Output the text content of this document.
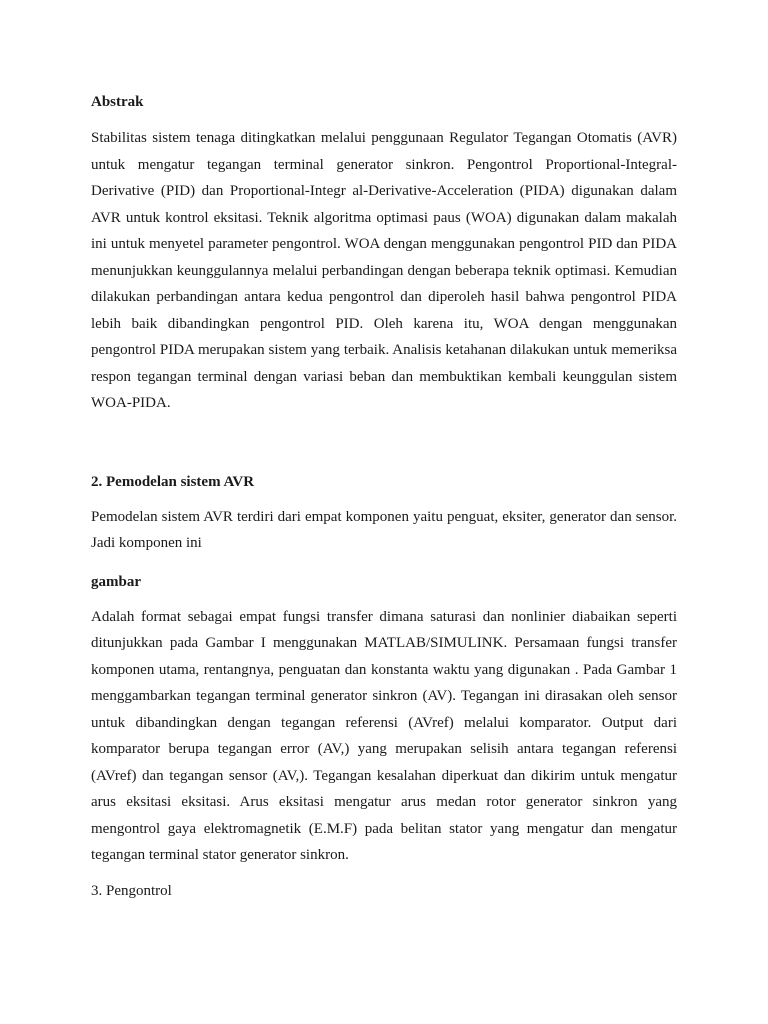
Abstrak

Stabilitas sistem tenaga ditingkatkan melalui penggunaan Regulator Tegangan Otomatis (AVR) untuk mengatur tegangan terminal generator sinkron. Pengontrol Proportional-Integral-Derivative (PID) dan Proportional-Integr al-Derivative-Acceleration (PIDA) digunakan dalam AVR untuk kontrol eksitasi. Teknik algoritma optimasi paus (WOA) digunakan dalam makalah ini untuk menyetel parameter pengontrol. WOA dengan menggunakan pengontrol PID dan PIDA menunjukkan keunggulannya melalui perbandingan dengan beberapa teknik optimasi. Kemudian dilakukan perbandingan antara kedua pengontrol dan diperoleh hasil bahwa pengontrol PIDA lebih baik dibandingkan pengontrol PID. Oleh karena itu, WOA dengan menggunakan pengontrol PIDA merupakan sistem yang terbaik. Analisis ketahanan dilakukan untuk memeriksa respon tegangan terminal dengan variasi beban dan membuktikan kembali keunggulan sistem WOA-PIDA.

2. Pemodelan sistem AVR

Pemodelan sistem AVR terdiri dari empat komponen yaitu penguat, eksiter, generator dan sensor. Jadi komponen ini

gambar

Adalah format sebagai empat fungsi transfer dimana saturasi dan nonlinier diabaikan seperti ditunjukkan pada Gambar I menggunakan MATLAB/SIMULINK. Persamaan fungsi transfer komponen utama, rentangnya, penguatan dan konstanta waktu yang digunakan . Pada Gambar 1 menggambarkan tegangan terminal generator sinkron (AV). Tegangan ini dirasakan oleh sensor untuk dibandingkan dengan tegangan referensi (AVref) melalui komparator. Output dari komparator berupa tegangan error (AV,) yang merupakan selisih antara tegangan referensi (AVref) dan tegangan sensor (AV,). Tegangan kesalahan diperkuat dan dikirim untuk mengatur arus eksitasi eksitasi. Arus eksitasi mengatur arus medan rotor generator sinkron yang mengontrol gaya elektromagnetik (E.M.F) pada belitan stator yang mengatur dan mengatur tegangan terminal stator generator sinkron.

3. Pengontrol
